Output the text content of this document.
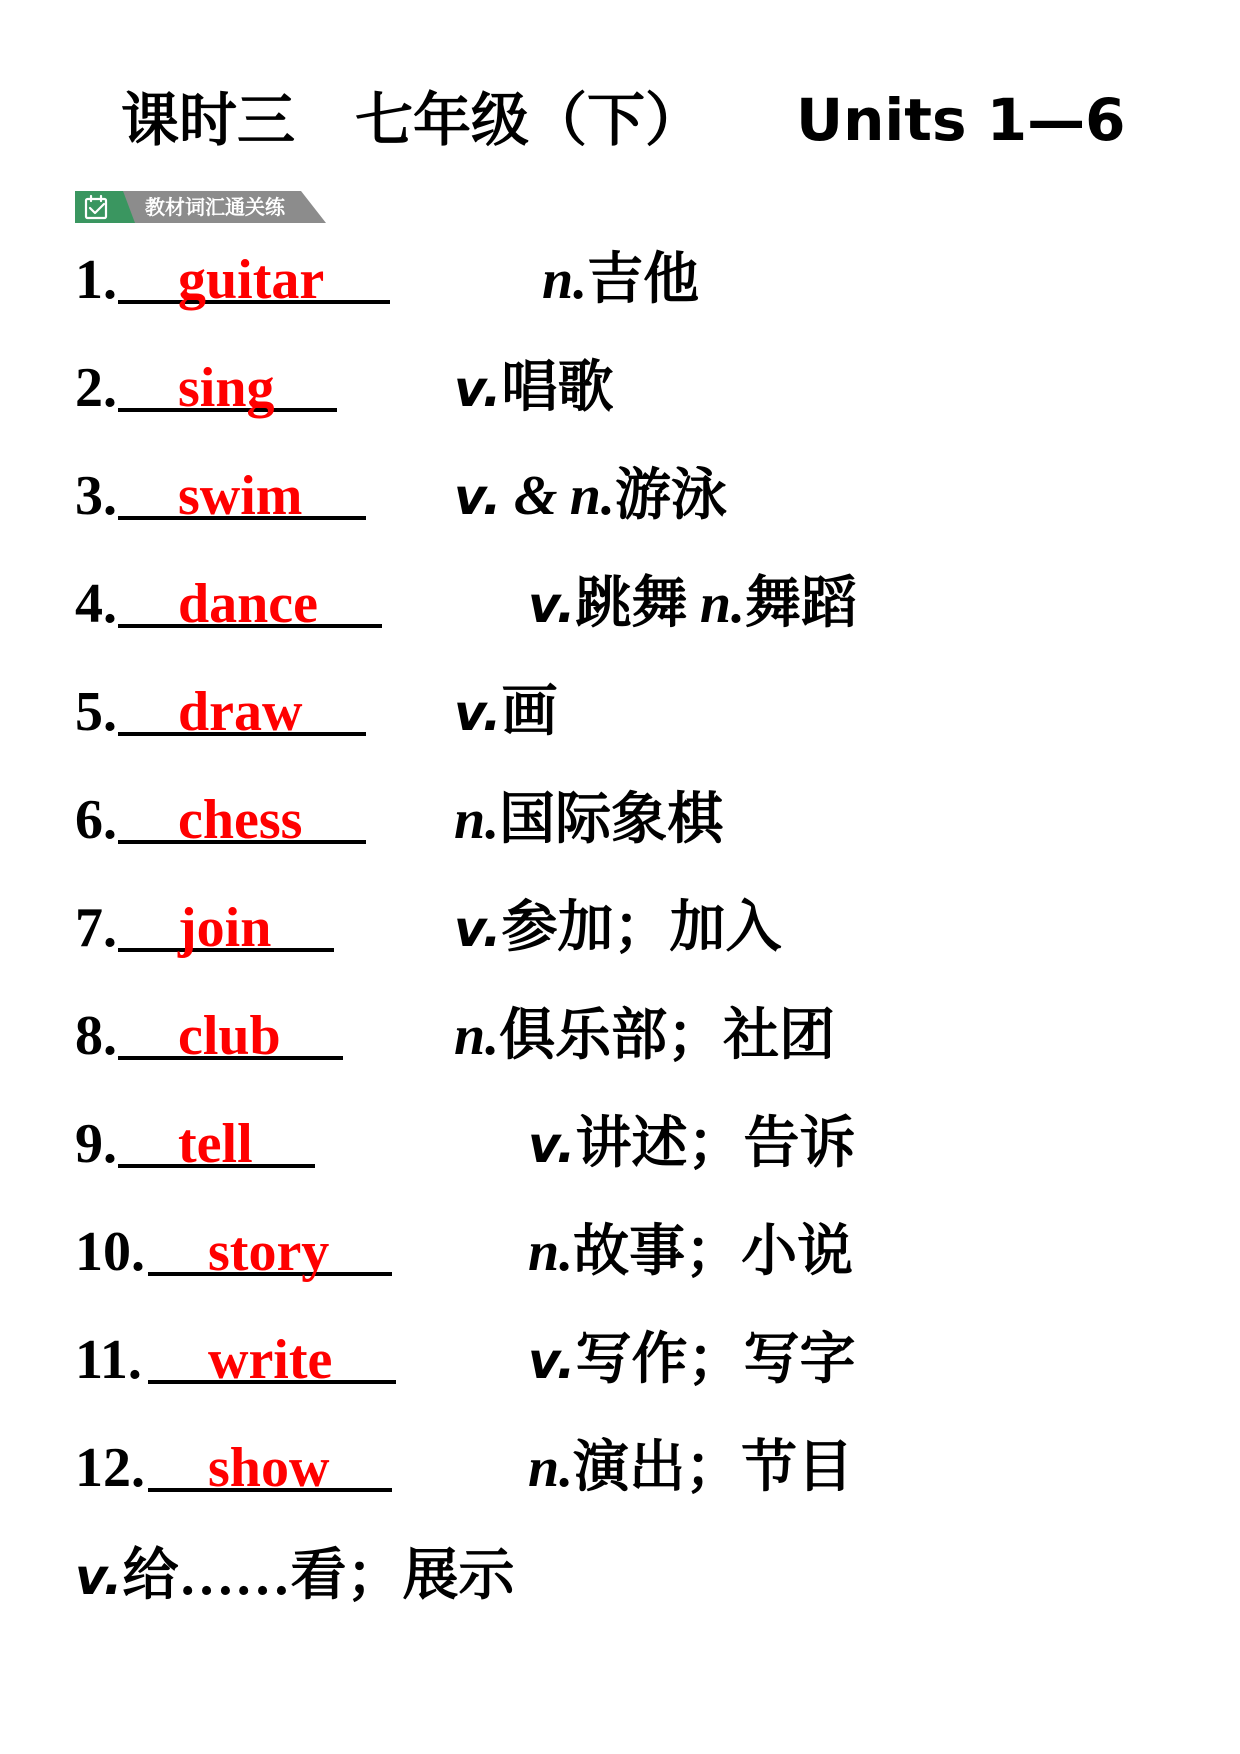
课时三 七年级（下） Units 1—6
教材词汇通关练
1. guitar	n.吉他
2. sing	v.唱歌
3. swim	v. & n.游泳
4. dance	v.跳舞 n.舞蹈
5. draw	v.画
6. chess	n.国际象棋
7. join	v.参加；加入
8. club	n.俱乐部；社团
9. tell	v.讲述；告诉
10. story	n.故事；小说
11. write	v.写作；写字
12. show	n.演出；节目
v.给……看；展示
